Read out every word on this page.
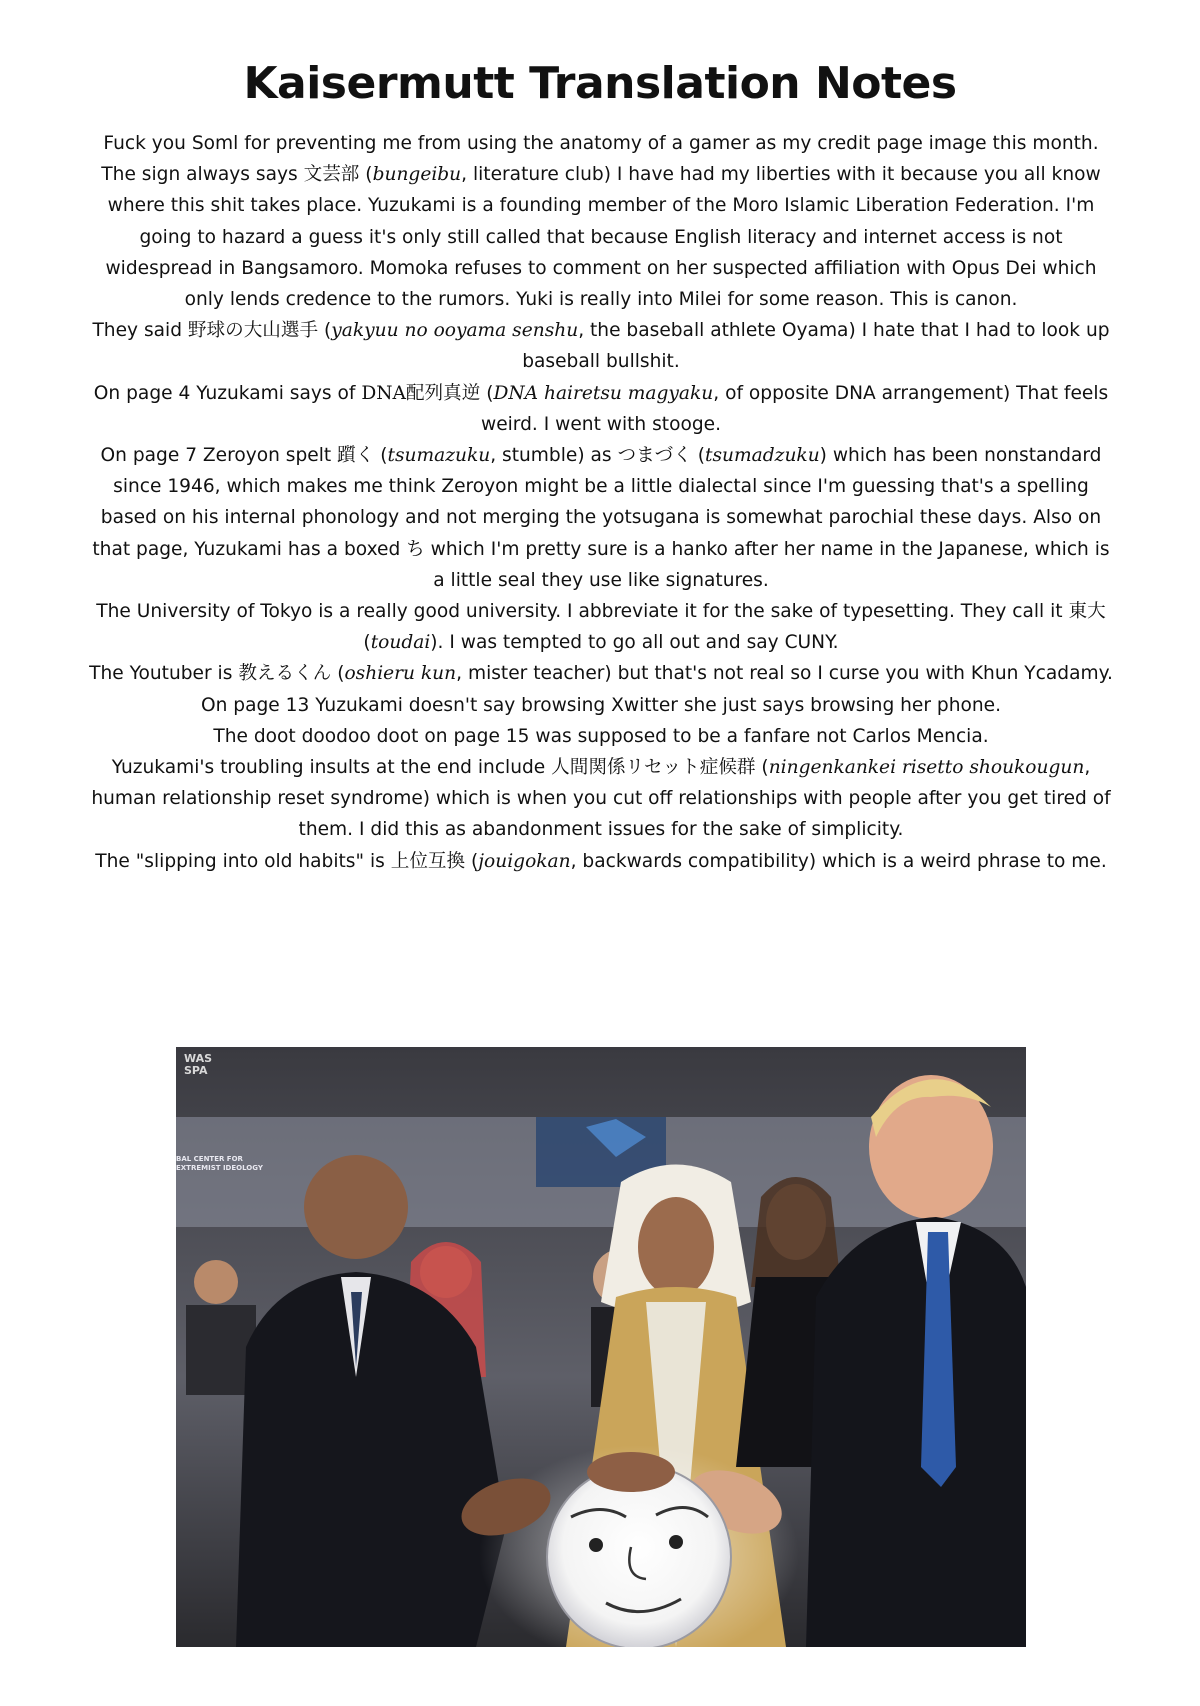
Kaisermutt Translation Notes

Fuck you Soml for preventing me from using the anatomy of a gamer as my credit page image this month.

The sign always says 文芸部 (bungeibu, literature club) I have had my liberties with it because you all know where this shit takes place. Yuzukami is a founding member of the Moro Islamic Liberation Federation. I'm going to hazard a guess it's only still called that because English literacy and internet access is not widespread in Bangsamoro. Momoka refuses to comment on her suspected affiliation with Opus Dei which only lends credence to the rumors. Yuki is really into Milei for some reason. This is canon.

They said 野球の大山選手 (yakyuu no ooyama senshu, the baseball athlete Oyama) I hate that I had to look up baseball bullshit.

On page 4 Yuzukami says of DNA配列真逆 (DNA hairetsu magyaku, of opposite DNA arrangement) That feels weird. I went with stooge.

On page 7 Zeroyon spelt 躓く (tsumazuku, stumble) as つまづく (tsumadzuku) which has been nonstandard since 1946, which makes me think Zeroyon might be a little dialectal since I'm guessing that's a spelling based on his internal phonology and not merging the yotsugana is somewhat parochial these days. Also on that page, Yuzukami has a boxed ち which I'm pretty sure is a hanko after her name in the Japanese, which is a little seal they use like signatures.

The University of Tokyo is a really good university. I abbreviate it for the sake of typesetting. They call it 東大 (toudai). I was tempted to go all out and say CUNY.

The Youtuber is 教えるくん (oshieru kun, mister teacher) but that's not real so I curse you with Khun Ycadamy.

On page 13 Yuzukami doesn't say browsing Xwitter she just says browsing her phone.

The doot doodoo doot on page 15 was supposed to be a fanfare not Carlos Mencia.

Yuzukami's troubling insults at the end include 人間関係リセット症候群 (ningenkankei risetto shoukougun, human relationship reset syndrome) which is when you cut off relationships with people after you get tired of them. I did this as abandonment issues for the sake of simplicity.

The "slipping into old habits" is 上位互換 (jouigokan, backwards compatibility) which is a weird phrase to me.

WAS
SPA
BAL CENTER FOR
EXTREMIST IDEOLOGY
